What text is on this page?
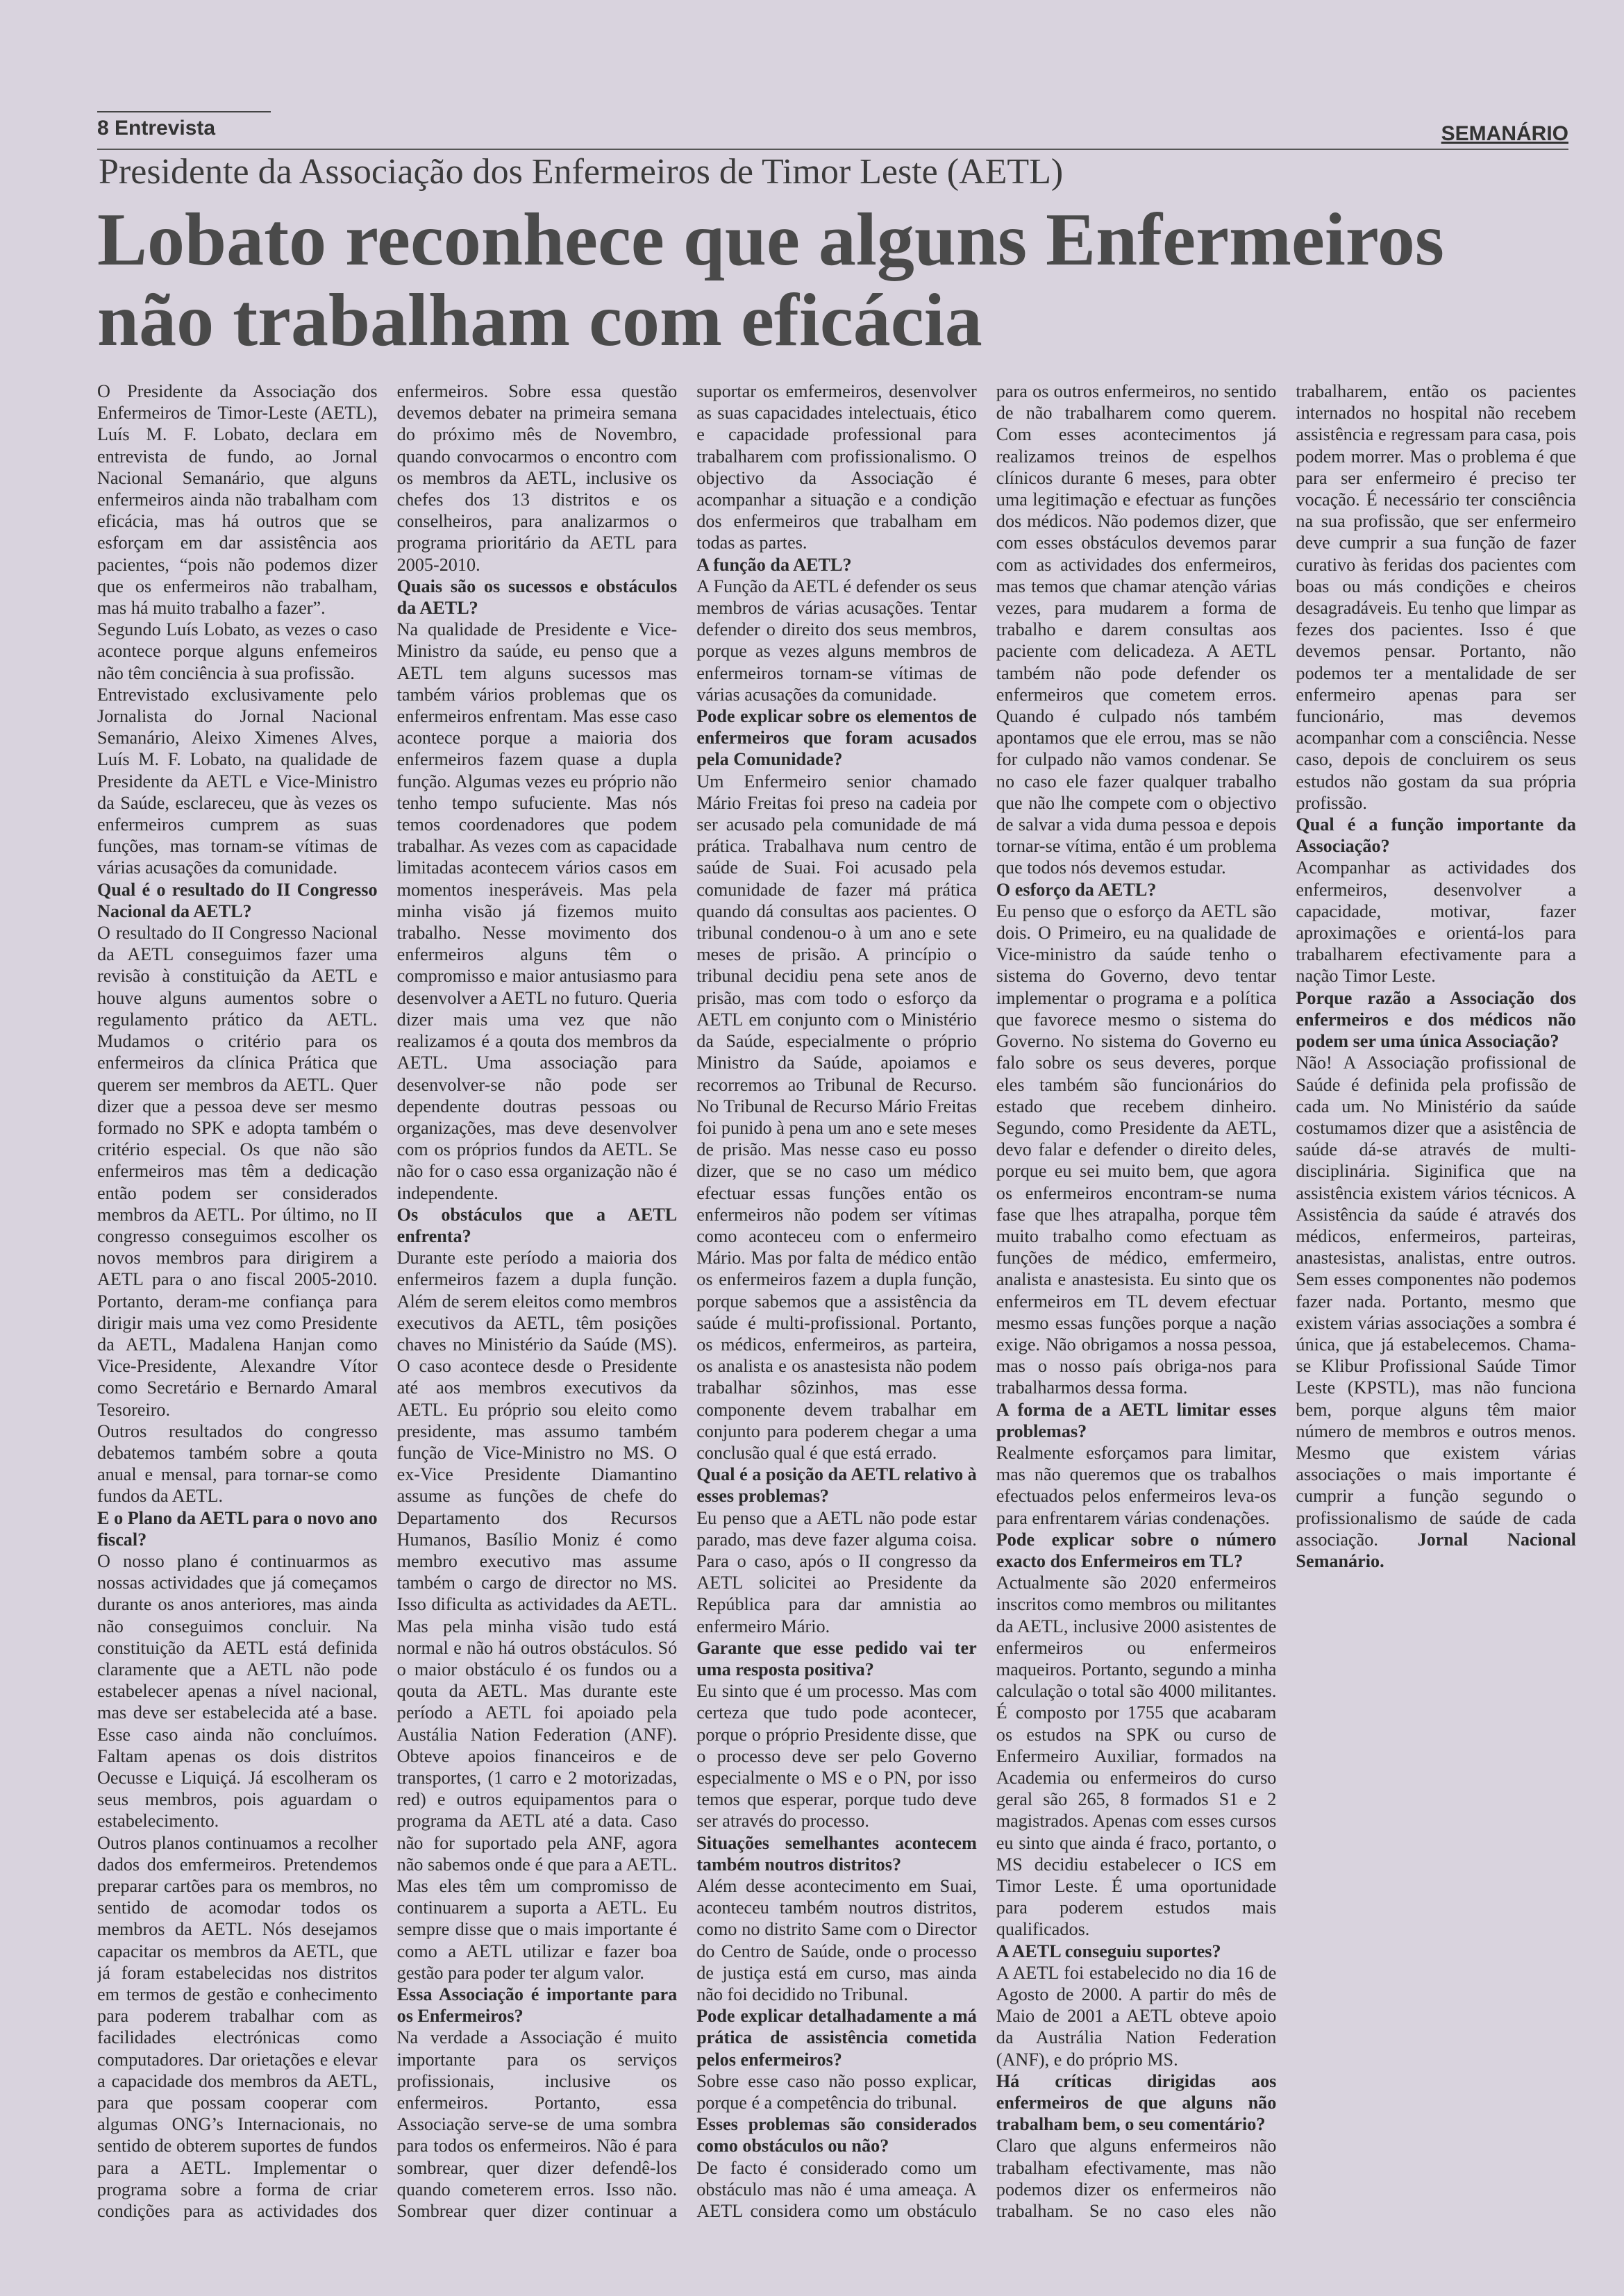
8 Entrevista	SEMANÁRIO
Presidente da Associação dos Enfermeiros de Timor Leste (AETL)
Lobato reconhece que alguns Enfermeiros não trabalham com eficácia

O Presidente da Associação dos Enfermeiros de Timor-Leste (AETL), Luís M. F. Lobato, declara em entrevista de fundo, ao Jornal Nacional Semanário, que alguns enfermeiros ainda não trabalham com eficácia, mas há outros que se esforçam em dar assistência aos pacientes, “pois não podemos dizer que os enfermeiros não trabalham, mas há muito trabalho a fazer”.

Segundo Luís Lobato, as vezes o caso acontece porque alguns enfemeiros não têm conciência à sua profissão.

Entrevistado exclusivamente pelo Jornalista do Jornal Nacional Semanário, Aleixo Ximenes Alves, Luís M. F. Lobato, na qualidade de Presidente da AETL e Vice-Ministro da Saúde, esclareceu, que às vezes os enfermeiros cumprem as suas funções, mas tornam-se vítimas de várias acusações da comunidade.

Qual é o resultado do II Congresso Nacional da AETL?

O resultado do II Congresso Nacional da AETL conseguimos fazer uma revisão à constituição da AETL e houve alguns aumentos sobre o regulamento prático da AETL. Mudamos o critério para os enfermeiros da clínica Prática que querem ser membros da AETL. Quer dizer que a pessoa deve ser mesmo formado no SPK e adopta também o critério especial. Os que não são enfermeiros mas têm a dedicação então podem ser considerados membros da AETL. Por último, no II congresso conseguimos escolher os novos membros para dirigirem a AETL para o ano fiscal 2005-2010. Portanto, deram-me confiança para dirigir mais uma vez como Presidente da AETL, Madalena Hanjan como Vice-Presidente, Alexandre Vítor como Secretário e Bernardo Amaral Tesoreiro.

Outros resultados do congresso debatemos também sobre a qouta anual e mensal, para tornar-se como fundos da AETL.

E o Plano da AETL para o novo ano fiscal?

O nosso plano é continuarmos as nossas actividades que já começamos durante os anos anteriores, mas ainda não conseguimos concluir. Na constituição da AETL está definida claramente que a AETL não pode estabelecer apenas a nível nacional, mas deve ser estabelecida até a base. Esse caso ainda não concluímos. Faltam apenas os dois distritos Oecusse e Liquiçá. Já escolheram os seus membros, pois aguardam o estabelecimento.

Outros planos continuamos a recolher dados dos emfermeiros. Pretendemos preparar cartões para os membros, no sentido de acomodar todos os membros da AETL. Nós desejamos capacitar os membros da AETL, que já foram estabelecidas nos distritos em termos de gestão e conhecimento para poderem trabalhar com as facilidades electrónicas como computadores. Dar orietações e elevar a capacidade dos membros da AETL, para que possam cooperar com algumas ONG’s Internacionais, no sentido de obterem suportes de fundos para a AETL. Implementar o programa sobre a forma de criar condições para as actividades dos enfermeiros. Sobre essa questão devemos debater na primeira semana do próximo mês de Novembro, quando convocarmos o encontro com os membros da AETL, inclusive os chefes dos 13 distritos e os conselheiros, para analizarmos o programa prioritário da AETL para 2005-2010.

Quais são os sucessos e obstáculos da AETL?

Na qualidade de Presidente e Vice-Ministro da saúde, eu penso que a AETL tem alguns sucessos mas também vários problemas que os enfermeiros enfrentam. Mas esse caso acontece porque a maioria dos enfermeiros fazem quase a dupla função. Algumas vezes eu próprio não tenho tempo sufuciente. Mas nós temos coordenadores que podem trabalhar. As vezes com as capacidade limitadas acontecem vários casos em momentos inesperáveis. Mas pela minha visão já fizemos muito trabalho. Nesse movimento dos enfermeiros alguns têm o compromisso e maior antusiasmo para desenvolver a AETL no futuro. Queria dizer mais uma vez que não realizamos é a qouta dos membros da AETL. Uma associação para desenvolver-se não pode ser dependente doutras pessoas ou organizações, mas deve desenvolver com os próprios fundos da AETL. Se não for o caso essa organização não é independente.

Os obstáculos que a AETL enfrenta?

Durante este período a maioria dos enfermeiros fazem a dupla função. Além de serem eleitos como membros executivos da AETL, têm posições chaves no Ministério da Saúde (MS). O caso acontece desde o Presidente até aos membros executivos da AETL. Eu próprio sou eleito como presidente, mas assumo também função de Vice-Ministro no MS. O ex-Vice Presidente Diamantino assume as funções de chefe do Departamento dos Recursos Humanos, Basílio Moniz é como membro executivo mas assume também o cargo de director no MS. Isso dificulta as actividades da AETL. Mas pela minha visão tudo está normal e não há outros obstáculos. Só o maior obstáculo é os fundos ou a qouta da AETL. Mas durante este período a AETL foi apoiado pela Austália Nation Federation (ANF). Obteve apoios financeiros e de transportes, (1 carro e 2 motorizadas, red) e outros equipamentos para o programa da AETL até a data. Caso não for suportado pela ANF, agora não sabemos onde é que para a AETL. Mas eles têm um compromisso de continuarem a suporta a AETL. Eu sempre disse que o mais importante é como a AETL utilizar e fazer boa gestão para poder ter algum valor.

Essa Associação é importante para os Enfermeiros?

Na verdade a Associação é muito importante para os serviços profissionais, inclusive os enfermeiros. Portanto, essa Associação serve-se de uma sombra para todos os enfermeiros. Não é para sombrear, quer dizer defendê-los quando cometerem erros. Isso não. Sombrear quer dizer continuar a suportar os emfermeiros, desenvolver as suas capacidades intelectuais, ético e capacidade professional para trabalharem com profissionalismo. O objectivo da Associação é acompanhar a situação e a condição dos enfermeiros que trabalham em todas as partes.

A função da AETL?

A Função da AETL é defender os seus membros de várias acusações. Tentar defender o direito dos seus membros, porque as vezes alguns membros de enfermeiros tornam-se vítimas de várias acusações da comunidade.

Pode explicar sobre os elementos de enfermeiros que foram acusados pela Comunidade?

Um Enfermeiro senior chamado Mário Freitas foi preso na cadeia por ser acusado pela comunidade de má prática. Trabalhava num centro de saúde de Suai. Foi acusado pela comunidade de fazer má prática quando dá consultas aos pacientes. O tribunal condenou-o à um ano e sete meses de prisão. A princípio o tribunal decidiu pena sete anos de prisão, mas com todo o esforço da AETL em conjunto com o Ministério da Saúde, especialmente o próprio Ministro da Saúde, apoiamos e recorremos ao Tribunal de Recurso. No Tribunal de Recurso Mário Freitas foi punido à pena um ano e sete meses de prisão. Mas nesse caso eu posso dizer, que se no caso um médico efectuar essas funções então os enfermeiros não podem ser vítimas como aconteceu com o enfermeiro Mário. Mas por falta de médico então os enfermeiros fazem a dupla função, porque sabemos que a assistência da saúde é multi-profissional. Portanto, os médicos, enfermeiros, as parteira, os analista e os anastesista não podem trabalhar sôzinhos, mas esse componente devem trabalhar em conjunto para poderem chegar a uma conclusão qual é que está errado.

Qual é a posição da AETL relativo à esses problemas?

Eu penso que a AETL não pode estar parado, mas deve fazer alguma coisa. Para o caso, após o II congresso da AETL solicitei ao Presidente da República para dar amnistia ao enfermeiro Mário.

Garante que esse pedido vai ter uma resposta positiva?

Eu sinto que é um processo. Mas com certeza que tudo pode acontecer, porque o próprio Presidente disse, que o processo deve ser pelo Governo especialmente o MS e o PN, por isso temos que esperar, porque tudo deve ser através do processo.

Situações semelhantes acontecem também noutros distritos?

Além desse acontecimento em Suai, aconteceu também noutros distritos, como no distrito Same com o Director do Centro de Saúde, onde o processo de justiça está em curso, mas ainda não foi decidido no Tribunal.

Pode explicar detalhadamente a má prática de assistência cometida pelos enfermeiros?

Sobre esse caso não posso explicar, porque é a competência do tribunal.

Esses problemas são considerados como obstáculos ou não?

De facto é considerado como um obstáculo mas não é uma ameaça. A AETL considera como um obstáculo para os outros enfermeiros, no sentido de não trabalharem como querem. Com esses acontecimentos já realizamos treinos de espelhos clínicos durante 6 meses, para obter uma legitimação e efectuar as funções dos médicos. Não podemos dizer, que com esses obstáculos devemos parar com as actividades dos enfermeiros, mas temos que chamar atenção várias vezes, para mudarem a forma de trabalho e darem consultas aos paciente com delicadeza. A AETL também não pode defender os enfermeiros que cometem erros. Quando é culpado nós também apontamos que ele errou, mas se não for culpado não vamos condenar. Se no caso ele fazer qualquer trabalho que não lhe compete com o objectivo de salvar a vida duma pessoa e depois tornar-se vítima, então é um problema que todos nós devemos estudar.

O esforço da AETL?

Eu penso que o esforço da AETL são dois. O Primeiro, eu na qualidade de Vice-ministro da saúde tenho o sistema do Governo, devo tentar implementar o programa e a política que favorece mesmo o sistema do Governo. No sistema do Governo eu falo sobre os seus deveres, porque eles também são funcionários do estado que recebem dinheiro. Segundo, como Presidente da AETL, devo falar e defender o direito deles, porque eu sei muito bem, que agora os enfermeiros encontram-se numa fase que lhes atrapalha, porque têm muito trabalho como efectuam as funções de médico, emfermeiro, analista e anastesista. Eu sinto que os enfermeiros em TL devem efectuar mesmo essas funções porque a nação exige. Não obrigamos a nossa pessoa, mas o nosso país obriga-nos para trabalharmos dessa forma.

A forma de a AETL limitar esses problemas?

Realmente esforçamos para limitar, mas não queremos que os trabalhos efectuados pelos enfermeiros leva-os para enfrentarem várias condenações.

Pode explicar sobre o número exacto dos Enfermeiros em TL?

Actualmente são 2020 enfermeiros inscritos como membros ou militantes da AETL, inclusive 2000 asistentes de enfermeiros ou enfermeiros maqueiros. Portanto, segundo a minha calculação o total são 4000 militantes. É composto por 1755 que acabaram os estudos na SPK ou curso de Enfermeiro Auxiliar, formados na Academia ou enfermeiros do curso geral são 265, 8 formados S1 e 2 magistrados. Apenas com esses cursos eu sinto que ainda é fraco, portanto, o MS decidiu estabelecer o ICS em Timor Leste. É uma oportunidade para poderem estudos mais qualificados.

A AETL conseguiu suportes?

A AETL foi estabelecido no dia 16 de Agosto de 2000. A partir do mês de Maio de 2001 a AETL obteve apoio da Austrália Nation Federation (ANF), e do próprio MS.

Há críticas dirigidas aos enfermeiros de que alguns não trabalham bem, o seu comentário?

Claro que alguns enfermeiros não trabalham efectivamente, mas não podemos dizer os enfermeiros não trabalham. Se no caso eles não trabalharem, então os pacientes internados no hospital não recebem assistência e regressam para casa, pois podem morrer. Mas o problema é que para ser enfermeiro é preciso ter vocação. É necessário ter consciência na sua profissão, que ser enfermeiro deve cumprir a sua função de fazer curativo às feridas dos pacientes com boas ou más condições e cheiros desagradáveis. Eu tenho que limpar as fezes dos pacientes. Isso é que devemos pensar. Portanto, não podemos ter a mentalidade de ser enfermeiro apenas para ser funcionário, mas devemos acompanhar com a consciência. Nesse caso, depois de concluirem os seus estudos não gostam da sua própria profissão.

Qual é a função importante da Associação?

Acompanhar as actividades dos enfermeiros, desenvolver a capacidade, motivar, fazer aproximações e orientá-los para trabalharem efectivamente para a nação Timor Leste.

Porque razão a Associação dos enfermeiros e dos médicos não podem ser uma única Associação?

Não! A Associação profissional de Saúde é definida pela profissão de cada um. No Ministério da saúde costumamos dizer que a asistência de saúde dá-se através de multi-disciplinária. Siginifica que na assistência existem vários técnicos. A Assistência da saúde é através dos médicos, enfermeiros, parteiras, anastesistas, analistas, entre outros. Sem esses componentes não podemos fazer nada. Portanto, mesmo que existem várias associações a sombra é única, que já estabelecemos. Chama-se Klibur Profissional Saúde Timor Leste (KPSTL), mas não funciona bem, porque alguns têm maior número de membros e outros menos. Mesmo que existem várias associações o mais importante é cumprir a função segundo o profissionalismo de saúde de cada associação. Jornal Nacional Semanário.
